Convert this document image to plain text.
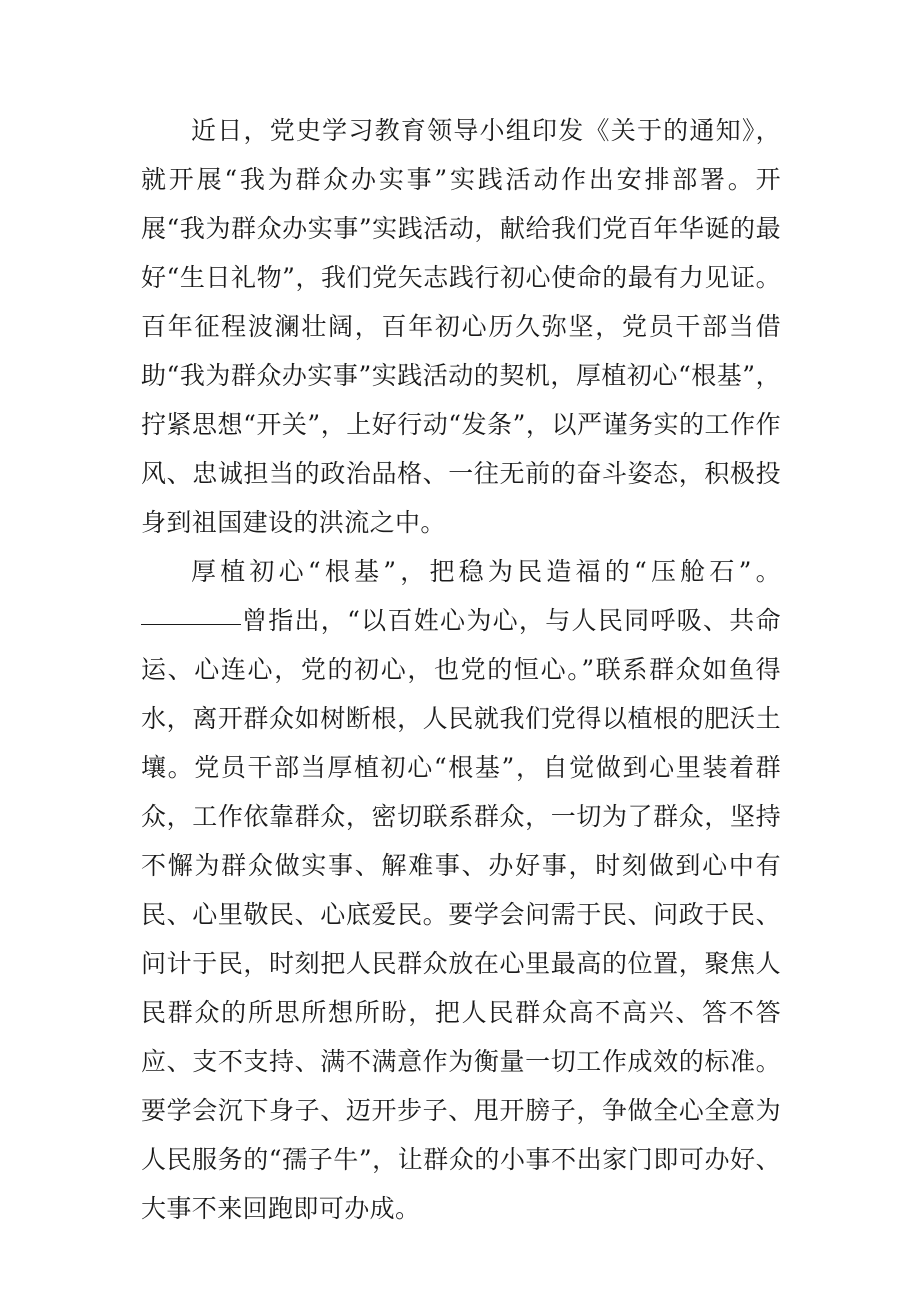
近日，党史学习教育领导小组印发《关于的通知》，就开展“我为群众办实事”实践活动作出安排部署。开展“我为群众办实事”实践活动，献给我们党百年华诞的最好“生日礼物”，我们党矢志践行初心使命的最有力见证。百年征程波澜壮阔，百年初心历久弥坚，党员干部当借助“我为群众办实事”实践活动的契机，厚植初心“根基”，拧紧思想“开关”，上好行动“发条”，以严谨务实的工作作风、忠诚担当的政治品格、一往无前的奋斗姿态，积极投身到祖国建设的洪流之中。

厚植初心“根基”，把稳为民造福的“压舱石”。曾指出，“以百姓心为心，与人民同呼吸、共命运、心连心，党的初心，也党的恒心。”联系群众如鱼得水，离开群众如树断根，人民就我们党得以植根的肥沃土壤。党员干部当厚植初心“根基”，自觉做到心里装着群众，工作依靠群众，密切联系群众，一切为了群众，坚持不懈为群众做实事、解难事、办好事，时刻做到心中有民、心里敬民、心底爱民。要学会问需于民、问政于民、问计于民，时刻把人民群众放在心里最高的位置，聚焦人民群众的所思所想所盼，把人民群众高不高兴、答不答应、支不支持、满不满意作为衡量一切工作成效的标准。要学会沉下身子、迈开步子、甩开膀子，争做全心全意为人民服务的“孺子牛”，让群众的小事不出家门即可办好、大事不来回跑即可办成。
